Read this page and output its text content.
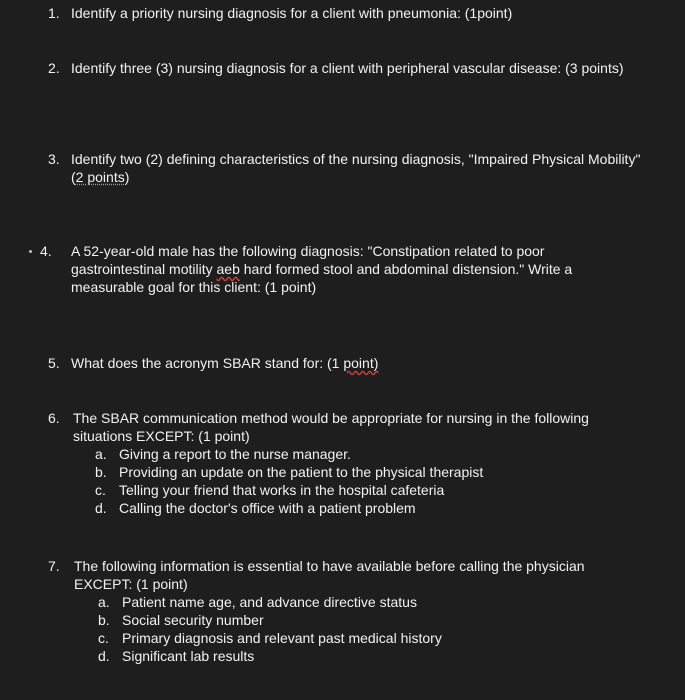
1. Identify a priority nursing diagnosis for a client with pneumonia: (1point)
2. Identify three (3) nursing diagnosis for a client with peripheral vascular disease: (3 points)
3. Identify two (2) defining characteristics of the nursing diagnosis, "Impaired Physical Mobility" (2 points)
4.	A 52-year-old male has the following diagnosis: "Constipation related to poor gastrointestinal motility aeb hard formed stool and abdominal distension." Write a measurable goal for this client: (1 point)
5. What does the acronym SBAR stand for: (1 point)
6. The SBAR communication method would be appropriate for nursing in the following situations EXCEPT: (1 point)
a. Giving a report to the nurse manager.
b. Providing an update on the patient to the physical therapist
c. Telling your friend that works in the hospital cafeteria
d. Calling the doctor's office with a patient problem
7.	The following information is essential to have available before calling the physician EXCEPT: (1 point)
a. Patient name age, and advance directive status
b. Social security number
c. Primary diagnosis and relevant past medical history
d. Significant lab results
